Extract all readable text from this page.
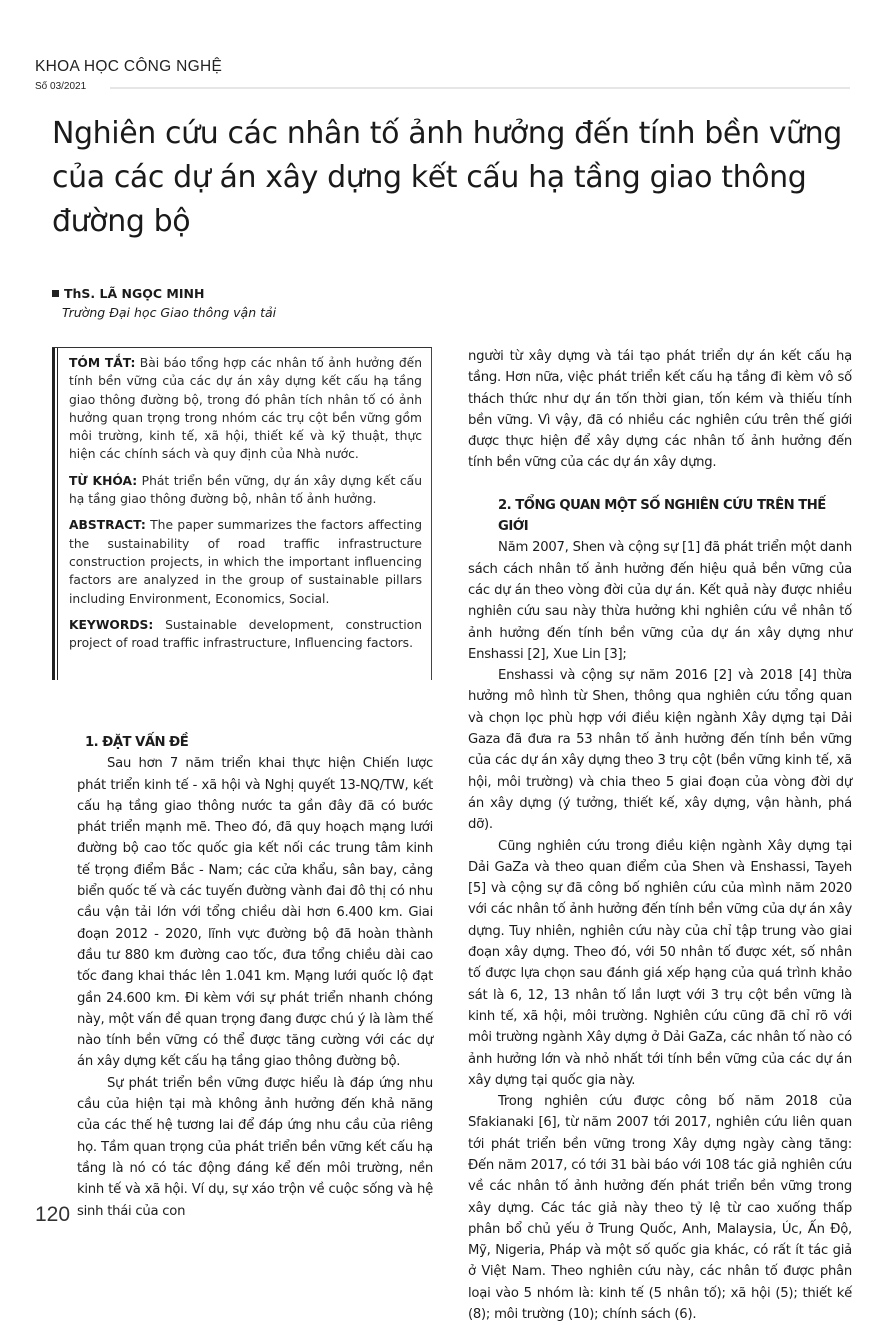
KHOA HỌC CÔNG NGHỆ
Số 03/2021
Nghiên cứu các nhân tố ảnh hưởng đến tính bền vững của các dự án xây dựng kết cấu hạ tầng giao thông đường bộ
ThS. LÃ NGỌC MINH
Trường Đại học Giao thông vận tải

TÓM TẮT: Bài báo tổng hợp các nhân tố ảnh hưởng đến tính bền vững của các dự án xây dựng kết cấu hạ tầng giao thông đường bộ, trong đó phân tích nhân tố có ảnh hưởng quan trọng trong nhóm các trụ cột bền vững gồm môi trường, kinh tế, xã hội, thiết kế và kỹ thuật, thực hiện các chính sách và quy định của Nhà nước.

TỪ KHÓA: Phát triển bền vững, dự án xây dựng kết cấu hạ tầng giao thông đường bộ, nhân tố ảnh hưởng.

ABSTRACT: The paper summarizes the factors affecting the sustainability of road traffic infrastructure construction projects, in which the important influencing factors are analyzed in the group of sustainable pillars including Environment, Economics, Social.

KEYWORDS: Sustainable development, construction project of road traffic infrastructure, Influencing factors.

1. ĐẶT VẤN ĐỀ

Sau hơn 7 năm triển khai thực hiện Chiến lược phát triển kinh tế - xã hội và Nghị quyết 13-NQ/TW, kết cấu hạ tầng giao thông nước ta gần đây đã có bước phát triển mạnh mẽ. Theo đó, đã quy hoạch mạng lưới đường bộ cao tốc quốc gia kết nối các trung tâm kinh tế trọng điểm Bắc - Nam; các cửa khẩu, sân bay, cảng biển quốc tế và các tuyến đường vành đai đô thị có nhu cầu vận tải lớn với tổng chiều dài hơn 6.400 km. Giai đoạn 2012 - 2020, lĩnh vực đường bộ đã hoàn thành đầu tư 880 km đường cao tốc, đưa tổng chiều dài cao tốc đang khai thác lên 1.041 km. Mạng lưới quốc lộ đạt gần 24.600 km. Đi kèm với sự phát triển nhanh chóng này, một vấn đề quan trọng đang được chú ý là làm thế nào tính bền vững có thể được tăng cường với các dự án xây dựng kết cấu hạ tầng giao thông đường bộ.

Sự phát triển bền vững được hiểu là đáp ứng nhu cầu của hiện tại mà không ảnh hưởng đến khả năng của các thế hệ tương lai để đáp ứng nhu cầu của riêng họ. Tầm quan trọng của phát triển bền vững kết cấu hạ tầng là nó có tác động đáng kể đến môi trường, nền kinh tế và xã hội. Ví dụ, sự xáo trộn về cuộc sống và hệ sinh thái của con

người từ xây dựng và tái tạo phát triển dự án kết cấu hạ tầng. Hơn nữa, việc phát triển kết cấu hạ tầng đi kèm vô số thách thức như dự án tốn thời gian, tốn kém và thiếu tính bền vững. Vì vậy, đã có nhiều các nghiên cứu trên thế giới được thực hiện để xây dựng các nhân tố ảnh hưởng đến tính bền vững của các dự án xây dựng.

2. TỔNG QUAN MỘT SỐ NGHIÊN CỨU TRÊN THẾ GIỚI

Năm 2007, Shen và cộng sự [1] đã phát triển một danh sách cách nhân tố ảnh hưởng đến hiệu quả bền vững của các dự án theo vòng đời của dự án. Kết quả này được nhiều nghiên cứu sau này thừa hưởng khi nghiên cứu về nhân tố ảnh hưởng đến tính bền vững của dự án xây dựng như Enshassi [2], Xue Lin [3];

Enshassi và cộng sự năm 2016 [2] và 2018 [4] thừa hưởng mô hình từ Shen, thông qua nghiên cứu tổng quan và chọn lọc phù hợp với điều kiện ngành Xây dựng tại Dải Gaza đã đưa ra 53 nhân tố ảnh hưởng đến tính bền vững của các dự án xây dựng theo 3 trụ cột (bền vững kinh tế, xã hội, môi trường) và chia theo 5 giai đoạn của vòng đời dự án xây dựng (ý tưởng, thiết kế, xây dựng, vận hành, phá dỡ).

Cũng nghiên cứu trong điều kiện ngành Xây dựng tại Dải GaZa và theo quan điểm của Shen và Enshassi, Tayeh [5] và cộng sự đã công bố nghiên cứu của mình năm 2020 với các nhân tố ảnh hưởng đến tính bền vững của dự án xây dựng. Tuy nhiên, nghiên cứu này của chỉ tập trung vào giai đoạn xây dựng. Theo đó, với 50 nhân tố được xét, số nhân tố được lựa chọn sau đánh giá xếp hạng của quá trình khảo sát là 6, 12, 13 nhân tố lần lượt với 3 trụ cột bền vững là kinh tế, xã hội, môi trường. Nghiên cứu cũng đã chỉ rõ với môi trường ngành Xây dựng ở Dải GaZa, các nhân tố nào có ảnh hưởng lớn và nhỏ nhất tới tính bền vững của các dự án xây dựng tại quốc gia này.

Trong nghiên cứu được công bố năm 2018 của Sfakianaki [6], từ năm 2007 tới 2017, nghiên cứu liên quan tới phát triển bền vững trong Xây dựng ngày càng tăng: Đến năm 2017, có tới 31 bài báo với 108 tác giả nghiên cứu về các nhân tố ảnh hưởng đến phát triển bền vững trong xây dựng. Các tác giả này theo tỷ lệ từ cao xuống thấp phân bổ chủ yếu ở Trung Quốc, Anh, Malaysia, Úc, Ấn Độ, Mỹ, Nigeria, Pháp và một số quốc gia khác, có rất ít tác giả ở Việt Nam. Theo nghiên cứu này, các nhân tố được phân loại vào 5 nhóm là: kinh tế (5 nhân tố); xã hội (5); thiết kế (8); môi trường (10); chính sách (6).

120
